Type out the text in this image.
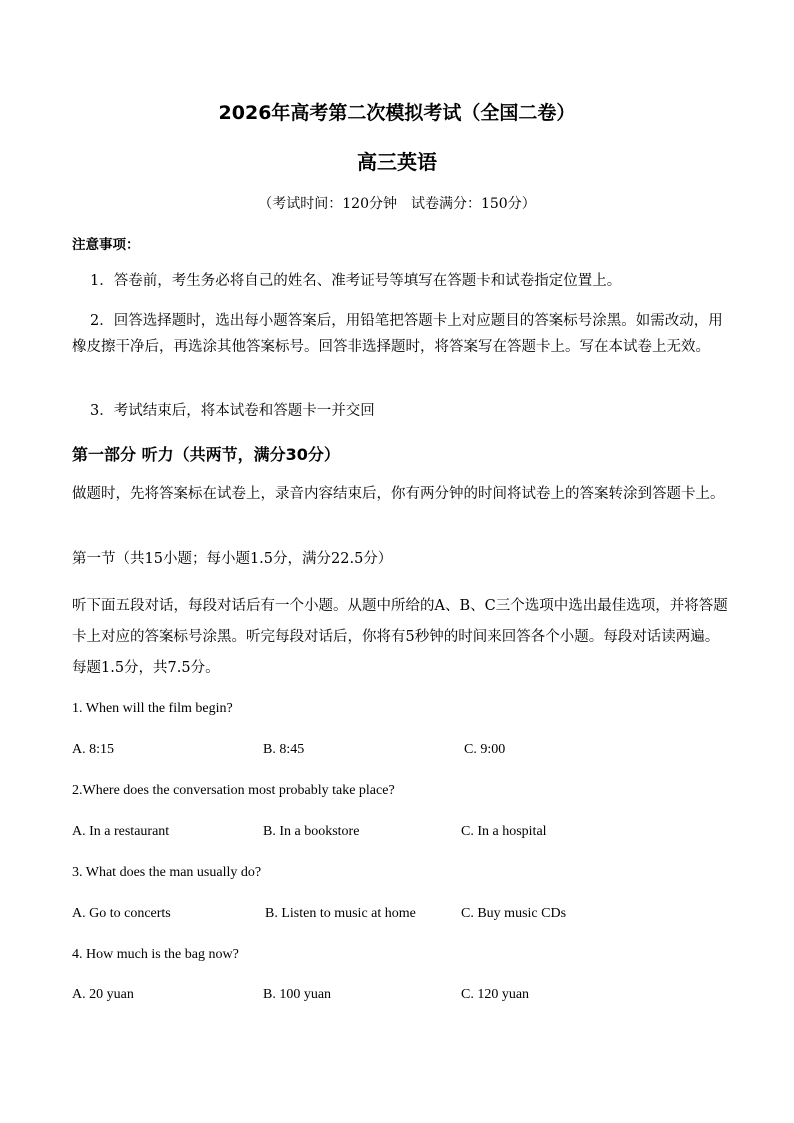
2026年高考第二次模拟考试（全国二卷）
高三英语
（考试时间：120分钟　试卷满分：150分）
注意事项：
1．答卷前，考生务必将自己的姓名、准考证号等填写在答题卡和试卷指定位置上。
2．回答选择题时，选出每小题答案后，用铅笔把答题卡上对应题目的答案标号涂黑。如需改动，用橡皮擦干净后，再选涂其他答案标号。回答非选择题时，将答案写在答题卡上。写在本试卷上无效。
3．考试结束后，将本试卷和答题卡一并交回
第一部分 听力（共两节，满分30分）
做题时，先将答案标在试卷上，录音内容结束后，你有两分钟的时间将试卷上的答案转涂到答题卡上。
第一节（共15小题；每小题1.5分，满分22.5分）
听下面五段对话，每段对话后有一个小题。从题中所给的A、B、C三个选项中选出最佳选项，并将答题卡上对应的答案标号涂黑。听完每段对话后，你将有5秒钟的时间来回答各个小题。每段对话读两遍。每题1.5分，共7.5分。
1. When will the film begin?
A. 8:15	B. 8:45	C. 9:00
2.Where does the conversation most probably take place?
A. In a restaurant	B. In a bookstore	C. In a hospital
3. What does the man usually do?
A. Go to concerts	B. Listen to music at home	C. Buy music CDs
4. How much is the bag now?
A. 20 yuan	B. 100 yuan	C. 120 yuan
